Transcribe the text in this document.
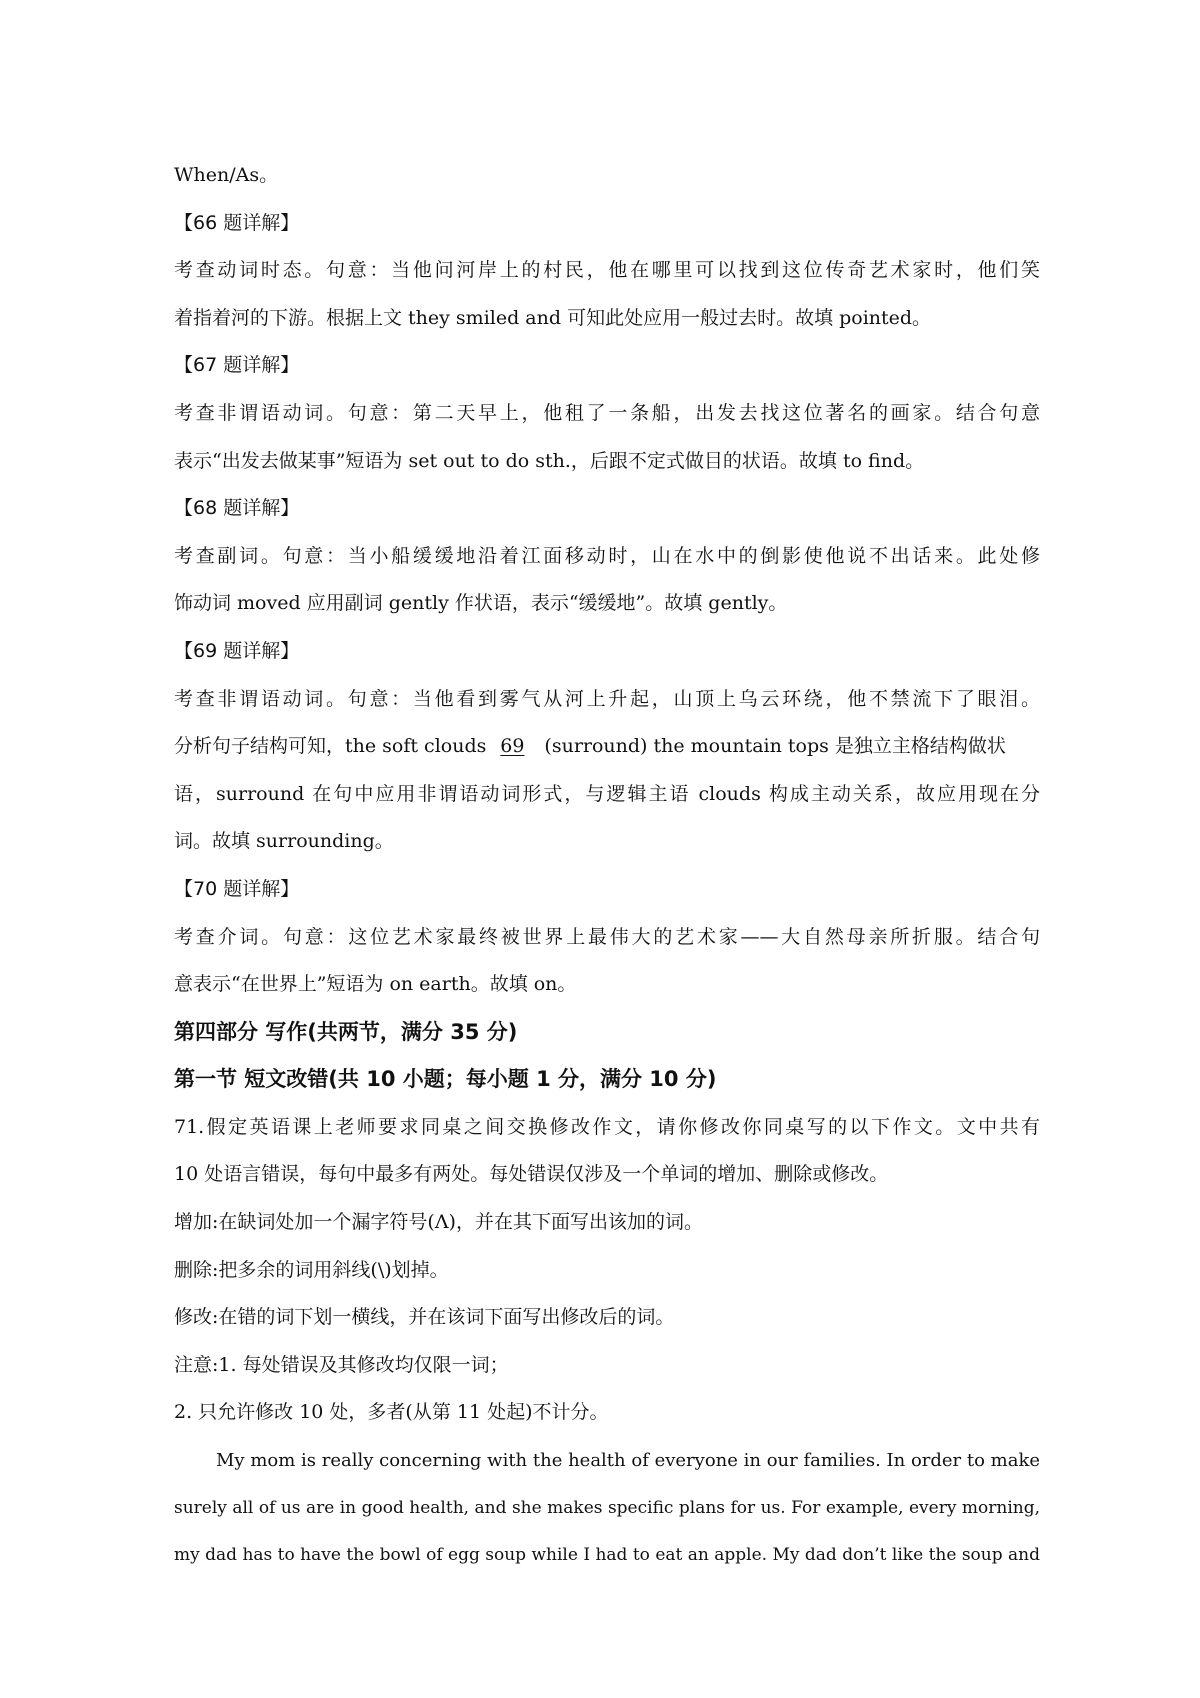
When/As。

【66 题详解】

考查动词时态。句意：当他问河岸上的村民，他在哪里可以找到这位传奇艺术家时，他们笑

着指着河的下游。根据上文 they smiled and 可知此处应用一般过去时。故填 pointed。

【67 题详解】

考查非谓语动词。句意：第二天早上，他租了一条船，出发去找这位著名的画家。结合句意

表示“出发去做某事”短语为 set out to do sth.，后跟不定式做目的状语。故填 to find。

【68 题详解】

考查副词。句意：当小船缓缓地沿着江面移动时，山在水中的倒影使他说不出话来。此处修

饰动词 moved 应用副词 gently 作状语，表示“缓缓地”。故填 gently。

【69 题详解】

考查非谓语动词。句意：当他看到雾气从河上升起，山顶上乌云环绕，他不禁流下了眼泪。

分析句子结构可知，the soft clouds 69 (surround) the mountain tops 是独立主格结构做状

语，surround 在句中应用非谓语动词形式，与逻辑主语 clouds 构成主动关系，故应用现在分

词。故填 surrounding。

【70 题详解】

考查介词。句意：这位艺术家最终被世界上最伟大的艺术家——大自然母亲所折服。结合句

意表示“在世界上”短语为 on earth。故填 on。

第四部分 写作(共两节，满分 35 分)

第一节 短文改错(共 10 小题；每小题 1 分，满分 10 分)

71.假定英语课上老师要求同桌之间交换修改作文，请你修改你同桌写的以下作文。文中共有

10 处语言错误，每句中最多有两处。每处错误仅涉及一个单词的增加、删除或修改。

增加:在缺词处加一个漏字符号(Λ)，并在其下面写出该加的词。

删除:把多余的词用斜线(\)划掉。

修改:在错的词下划一横线，并在该词下面写出修改后的词。

注意:1. 每处错误及其修改均仅限一词；

2. 只允许修改 10 处，多者(从第 11 处起)不计分。

My mom is really concerning with the health of everyone in our families. In order to make

surely all of us are in good health, and she makes specific plans for us. For example, every morning,

my dad has to have the bowl of egg soup while I had to eat an apple. My dad don’t like the soup and
